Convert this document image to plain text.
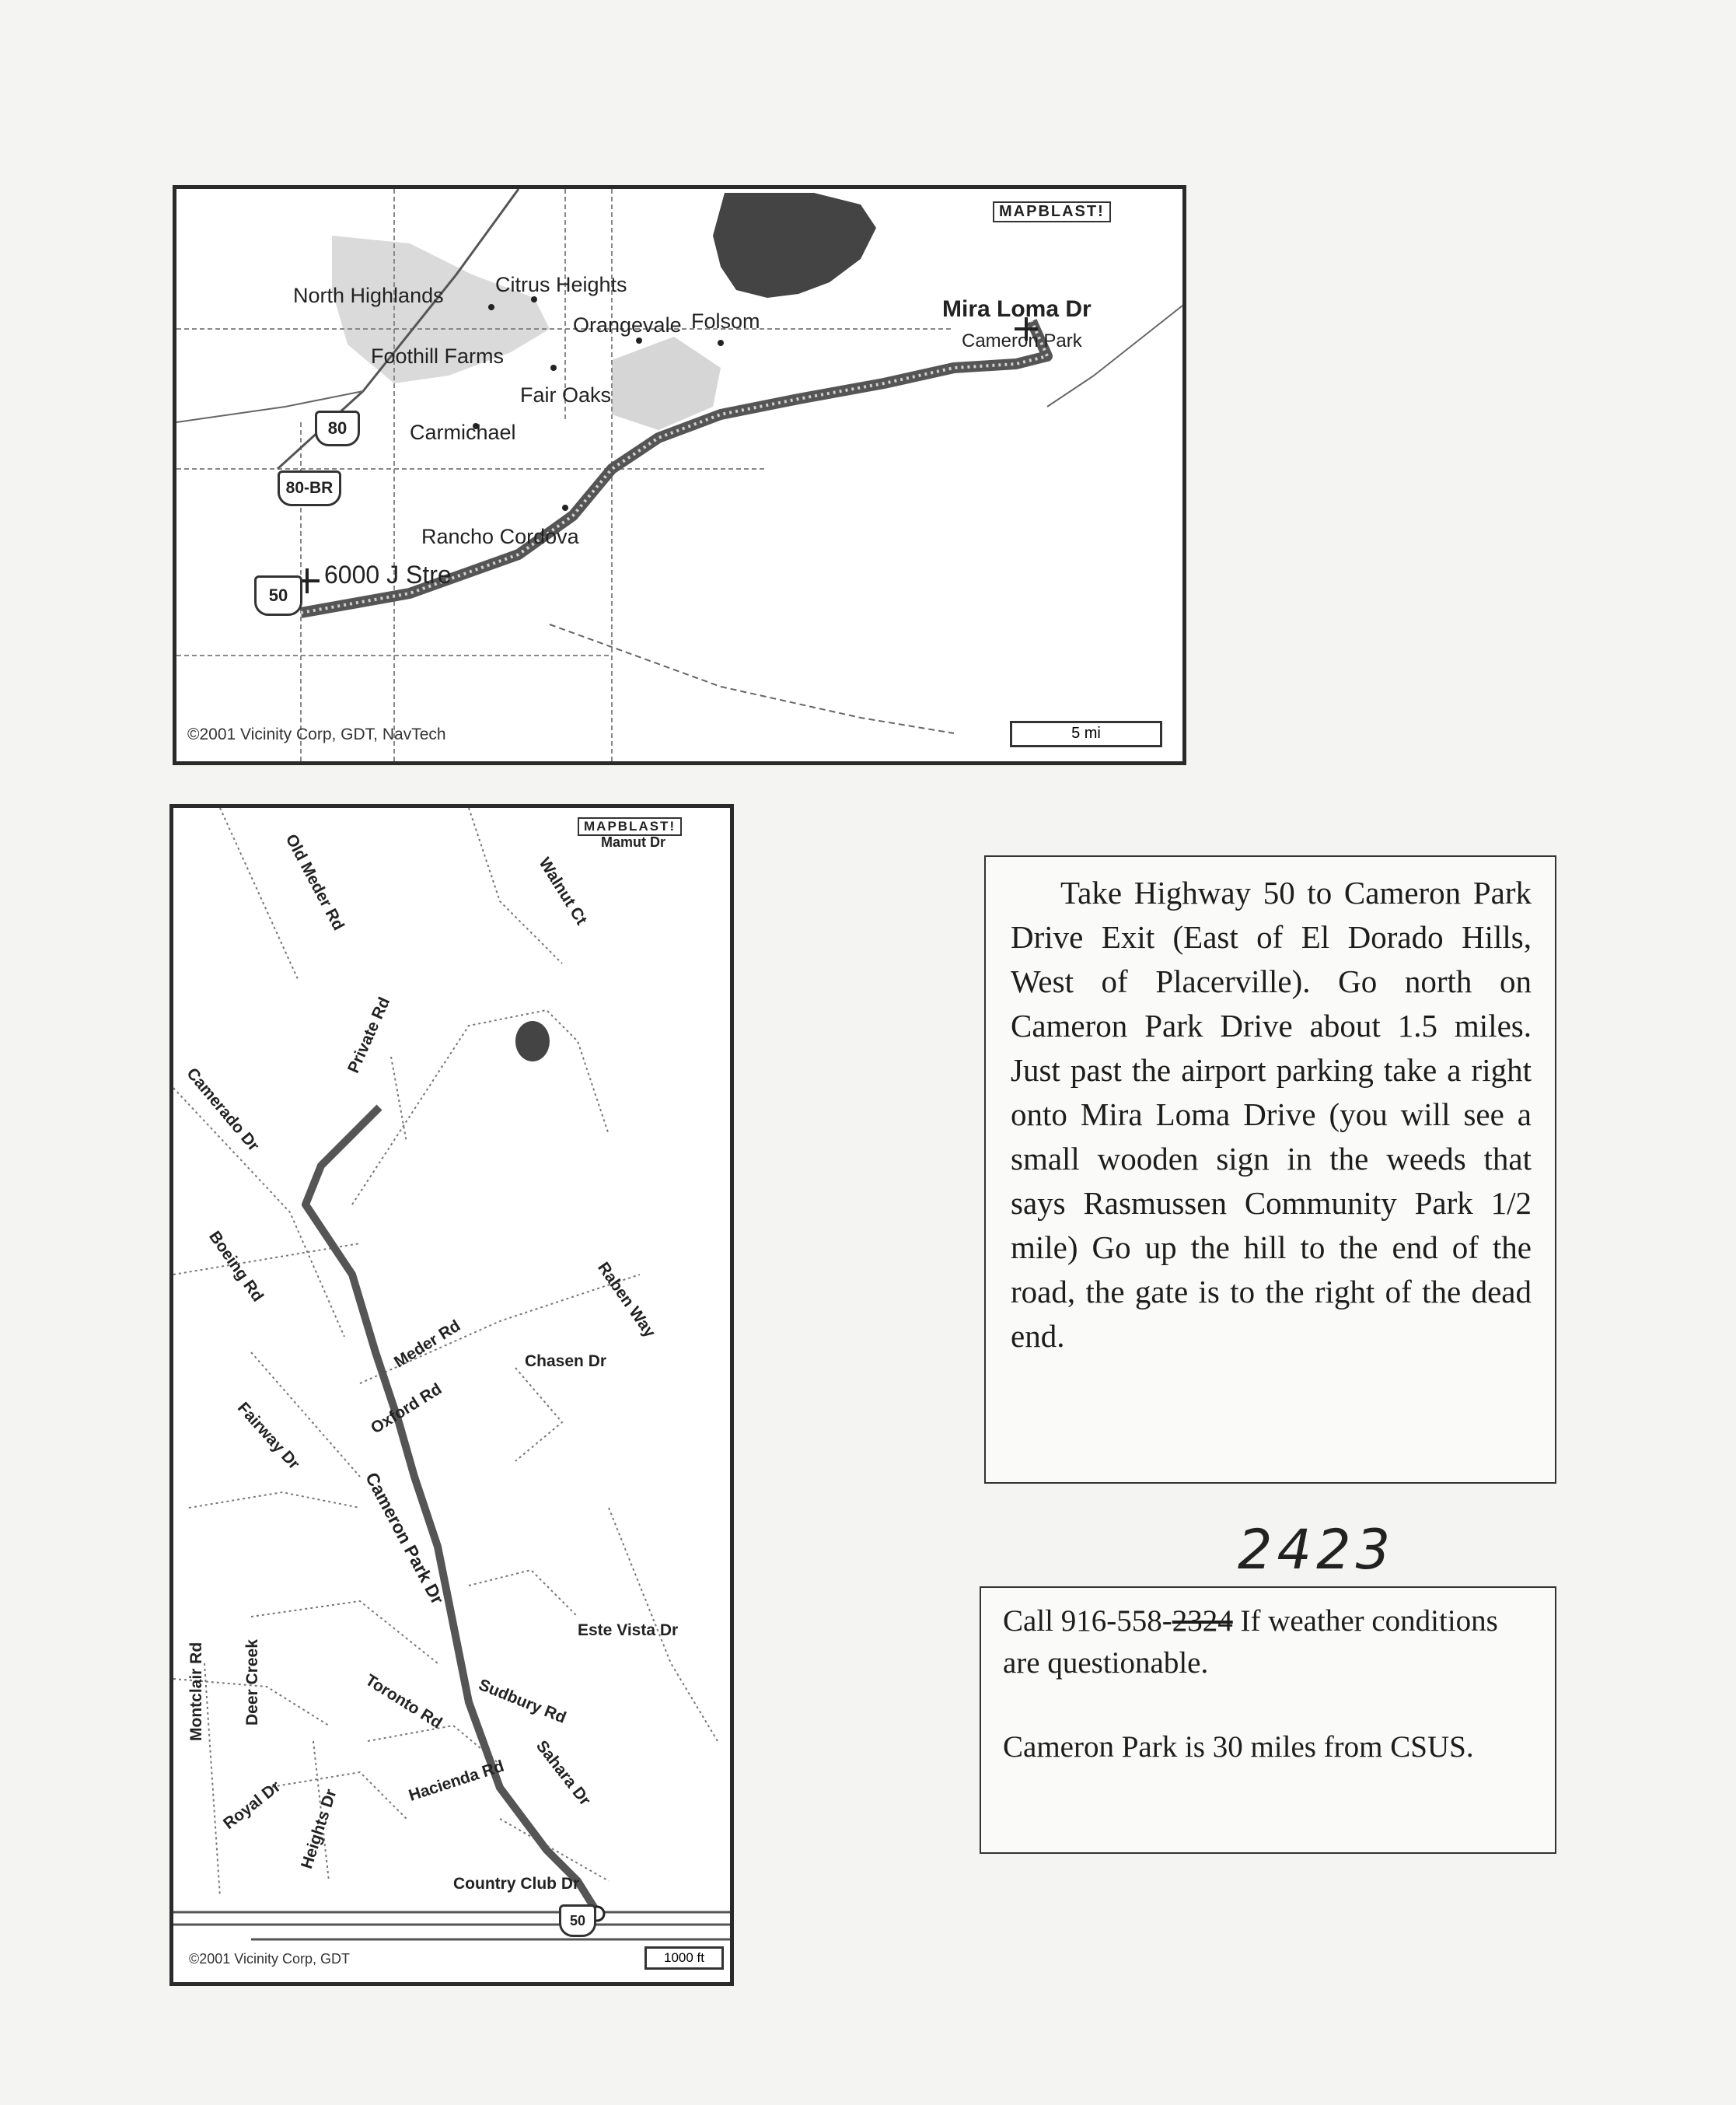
MAPBLAST!
North Highlands Citrus Heights
Orangevale Folsom
Foothill Farms
Fair Oaks
Carmichael
Rancho Cordova
6000 J Stre
Mira Loma Dr
Cameron Park
80
80-BR
50
©2001 Vicinity Corp, GDT, NavTech	5 mi
MAPBLAST!
Old Meder Rd	Walnut Ct
Mamut Dr
Private Rd
Camerado Dr
Boeing Rd	Raben Way
Meder Rd	Chasen Dr
Oxford Rd
Fairway Dr
Cameron Park Dr
Este Vista Dr
Sudbury Rd
Toronto Rd
Montclair Rd Deer Creek
Hacienda Rd Sahara Dr
Royal Dr Heights Dr
Country Club Dr
50
©2001 Vicinity Corp, GDT	1000 ft
Take Highway 50 to Cameron Park Drive Exit (East of El Dorado Hills, West of Placerville). Go north on Cameron Park Drive about 1.5 miles. Just past the airport parking take a right onto Mira Loma Drive (you will see a small wooden sign in the weeds that says Rasmussen Community Park 1/2 mile) Go up the hill to the end of the road, the gate is to the right of the dead end.
2423
Call 916-558-2324 If weather conditions are questionable.
Cameron Park is 30 miles from CSUS.
